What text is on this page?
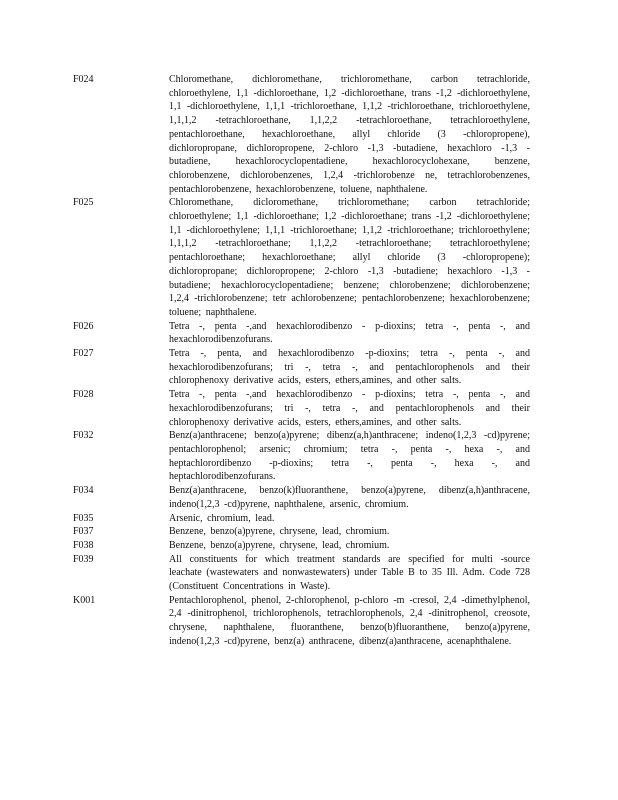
F024	Chloromethane, dichloromethane, trichloromethane, carbon tetrachloride, chloroethylene, 1,1 -dichloroethane, 1,2 -dichloroethane, trans -1,2 -dichloroethylene, 1,1 -dichloroethylene, 1,1,1 -trichloroethane, 1,1,2 -trichloroethane, trichloroethylene, 1,1,1,2 -tetrachloroethane, 1,1,2,2 -tetrachloroethane, tetrachloroethylene, pentachloroethane, hexachloroethane, allyl chloride (3 -chloropropene), dichloropropane, dichloropropene, 2-chloro -1,3 -butadiene, hexachloro -1,3 -butadiene, hexachlorocyclopentadiene, hexachlorocyclohexane, benzene, chlorobenzene, dichlorobenzenes, 1,2,4 -trichlorobenze ne, tetrachlorobenzenes, pentachlorobenzene, hexachlorobenzene, toluene, naphthalene.
F025	Chloromethane, dicloromethane, trichloromethane; carbon tetrachloride; chloroethylene; 1,1 -dichloroethane; 1,2 -dichloroethane; trans -1,2 -dichloroethylene; 1,1 -dichloroethylene; 1,1,1 -trichloroethane; 1,1,2 -trichloroethane; trichloroethylene; 1,1,1,2 -tetrachloroethane; 1,1,2,2 -tetrachloroethane; tetrachloroethylene; pentachloroethane; hexachloroethane; allyl chloride (3 -chloropropene); dichloropropane; dichloropropene; 2-chloro -1,3 -butadiene; hexachloro -1,3 -butadiene; hexachlorocyclopentadiene; benzene; chlorobenzene; dichlorobenzene; 1,2,4 -trichlorobenzene; tetr achlorobenzene; pentachlorobenzene; hexachlorobenzene; toluene; naphthalene.
F026	Tetra -, penta -,and hexachlorodibenzo - p-dioxins; tetra -, penta -, and hexachlorodibenzofurans.
F027	Tetra -, penta, and hexachlorodibenzo -p-dioxins; tetra -, penta -, and hexachlorodibenzofurans; tri -, tetra -, and pentachlorophenols and their chlorophenoxy derivative acids, esters, ethers,amines, and other salts.
F028	Tetra -, penta -,and hexachlorodibenzo - p-dioxins; tetra -, penta -, and hexachlorodibenzofurans; tri -, tetra -, and pentachlorophenols and their chlorophenoxy derivative acids, esters, ethers,amines, and other salts.
F032	Benz(a)anthracene; benzo(a)pyrene; dibenz(a,h)anthracene; indeno(1,2,3 -cd)pyrene; pentachlorophenol; arsenic; chromium; tetra -, penta -, hexa -, and heptachlorordibenzo -p-dioxins; tetra -, penta -, hexa -, and heptachlorodibenzofurans.
F034	Benz(a)anthracene, benzo(k)fluoranthene, benzo(a)pyrene, dibenz(a,h)anthracene, indeno(1,2,3 -cd)pyrene, naphthalene, arsenic, chromium.
F035	Arsenic, chromium, lead.
F037	Benzene, benzo(a)pyrene, chrysene, lead, chromium.
F038	Benzene, benzo(a)pyrene, chrysene, lead, chromium.
F039	All constituents for which treatment standards are specified for multi -source leachate (wastewaters and nonwastewaters) under Table B to 35 Ill. Adm. Code 728 (Constituent Concentrations in Waste).
K001	Pentachlorophenol, phenol, 2-chlorophenol, p-chloro -m -cresol, 2,4 -dimethylphenol, 2,4 -dinitrophenol, trichlorophenols, tetrachlorophenols, 2,4 -dinitrophenol, creosote, chrysene, naphthalene, fluoranthene, benzo(b)fluoranthene, benzo(a)pyrene, indeno(1,2,3 -cd)pyrene, benz(a) anthracene, dibenz(a)anthracene, acenaphthalene.
